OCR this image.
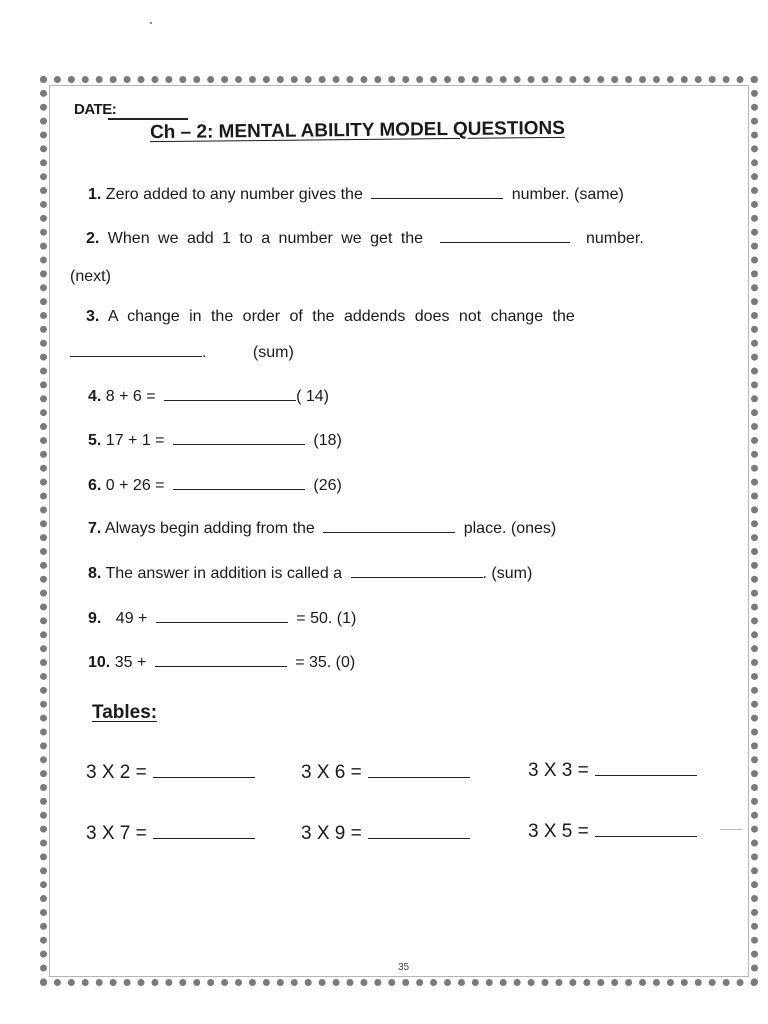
DATE:
Ch – 2: MENTAL ABILITY MODEL QUESTIONS
1. Zero added to any number gives the	number. (same)
2. When we add 1 to a number we get the	number.
(next)
3. A change in the order of the addends does not change the
.	(sum)
4. 8 + 6 =	( 14)
5. 17 + 1 =	(18)
6. 0 + 26 =	(26)
7. Always begin adding from the	place. (ones)
8. The answer in addition is called a	. (sum)
9. 49 +	= 50. (1)
10. 35 +	= 35. (0)
Tables:
3 X 2 =	3 X 6 =	3 X 3 =
3 X 7 =	3 X 9 =	3 X 5 =
35
